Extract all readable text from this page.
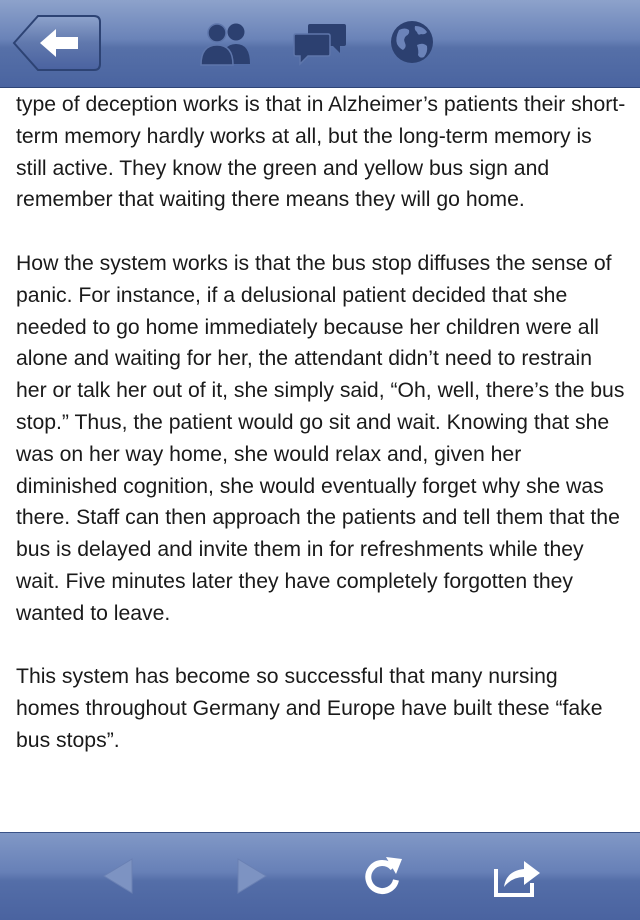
type of deception works is that in Alzheimer’s patients their short-term memory hardly works at all, but the long-term memory is still active. They know the green and yellow bus sign and remember that waiting there means they will go home.

How the system works is that the bus stop diffuses the sense of panic. For instance, if a delusional patient decided that she needed to go home immediately because her children were all alone and waiting for her, the attendant didn’t need to restrain her or talk her out of it, she simply said, “Oh, well, there’s the bus stop.” Thus, the patient would go sit and wait. Knowing that she was on her way home, she would relax and, given her diminished cognition, she would eventually forget why she was there. Staff can then approach the patients and tell them that the bus is delayed and invite them in for refreshments while they wait. Five minutes later they have completely forgotten they wanted to leave.

This system has become so successful that many nursing homes throughout Germany and Europe have built these “fake bus stops”.
